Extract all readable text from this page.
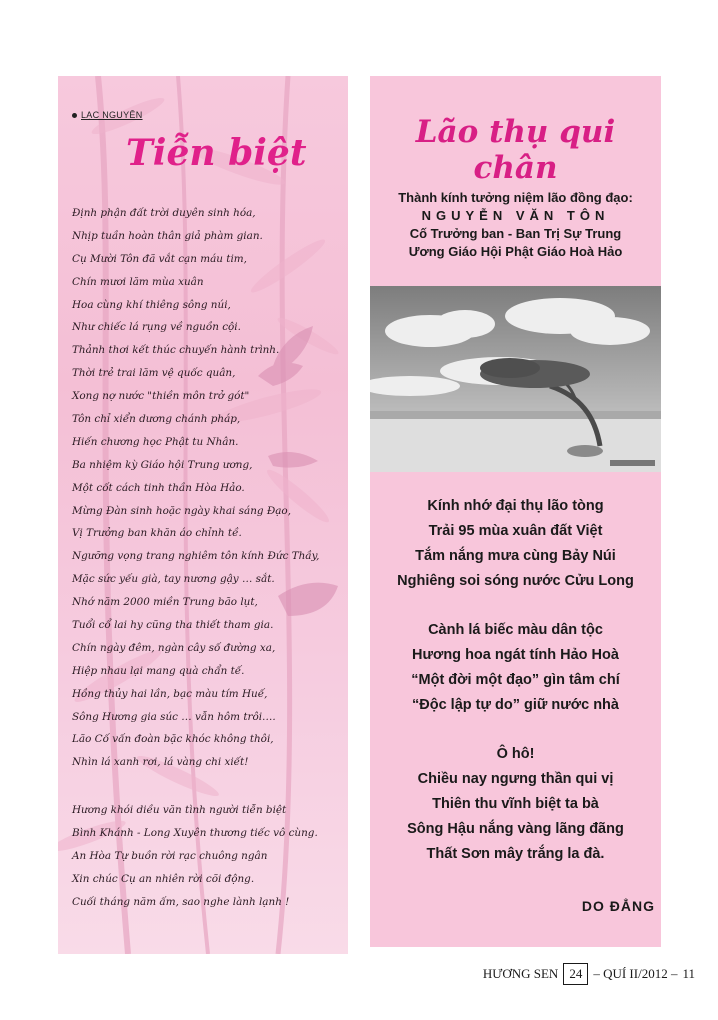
LẠC NGUYÊN
Tiễn biệt
Định phận đất trời duyên sinh hóa,
Nhịp tuần hoàn thân giả phàm gian.
Cụ Mười Tôn đã vắt cạn máu tim,
Chín mươi lăm mùa xuân
Hoa cùng khí thiêng sông núi,
Như chiếc lá rụng về nguồn cội.
Thảnh thơi kết thúc chuyến hành trình.
Thời trẻ trai lăm vệ quốc quân,
Xong nợ nước "thiền môn trở gót"
Tôn chỉ xiển dương chánh pháp,
Hiến chương học Phật tu Nhân.
Ba nhiệm kỳ Giáo hội Trung ương,
Một cốt cách tinh thần Hòa Hảo.
Mừng Đàn sinh hoặc ngày khai sáng Đạo,
Vị Trưởng ban khăn áo chỉnh tề.
Ngưỡng vọng trang nghiêm tôn kính Đức Thầy,
Mặc sức yếu già, tay nương gậy … sắt.
Nhớ năm 2000 miền Trung bão lụt,
Tuổi cổ lai hy cũng tha thiết tham gia.
Chín ngày đêm, ngàn cây số đường xa,
Hiệp nhau lại mang quà chẩn tế.
Hồng thủy hai lần, bạc màu tím Huế,
Sông Hương gia súc … vẫn hôm trôi….
Lão Cố vấn đoàn bặc khóc không thôi,
Nhìn lá xanh rơi, lá vàng chi xiết!
Hương khói diều văn tình người tiễn biệt
Bình Khánh - Long Xuyên thương tiếc vô cùng.
An Hòa Tự buồn rời rạc chuông ngân
Xin chúc Cụ an nhiên rời cõi động.
Cuối tháng năm ấm, sao nghe lành lạnh !
Lão thụ qui chân
Thành kính tưởng niệm lão đồng đạo:
NGUYỄN VĂN TÔN
Cố Trưởng ban - Ban Trị Sự Trung
Ương Giáo Hội Phật Giáo Hoà Hảo
Kính nhớ đại thụ lão tòng
Trải 95 mùa xuân đất Việt
Tắm nắng mưa cùng Bảy Núi
Nghiêng soi sóng nước Cửu Long
Cành lá biếc màu dân tộc
Hương hoa ngát tính Hảo Hoà
“Một đời một đạo” gìn tâm chí
“Độc lập tự do” giữ nước nhà
Ô hô!
Chiều nay ngưng thần qui vị
Thiên thu vĩnh biệt ta bà
Sông Hậu nắng vàng lãng đãng
Thất Sơn mây trắng la đà.
DO ĐẲNG
HƯƠNG SEN 24 – QUÍ II/2012 – 11
